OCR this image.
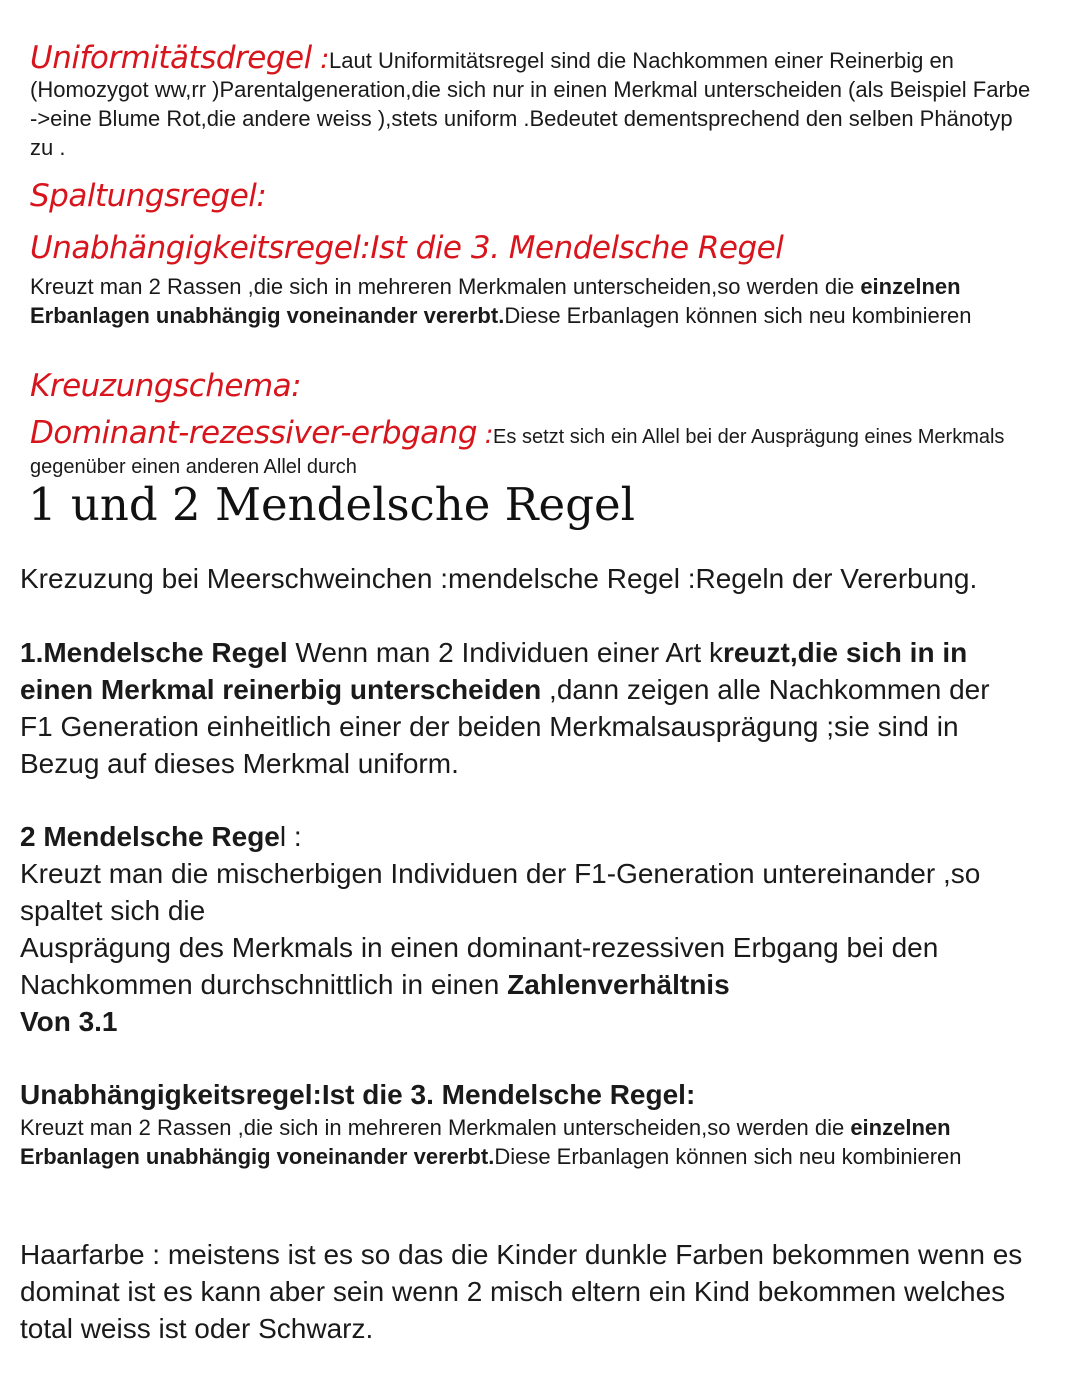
Uniformitätsdregel :Laut Uniformitätsregel sind die Nachkommen einer Reinerbig en (Homozygot ww,rr )Parentalgeneration,die sich nur in einen Merkmal unterscheiden (als Beispiel Farbe ->eine Blume Rot,die andere weiss ),stets uniform .Bedeutet dementsprechend den selben Phänotyp zu .
Spaltungsregel:
Unabhängigkeitsregel:Ist die 3. Mendelsche Regel
Kreuzt man 2 Rassen ,die sich in mehreren Merkmalen unterscheiden,so werden die einzelnen Erbanlagen unabhängig voneinander vererbt.Diese Erbanlagen können sich neu kombinieren
Kreuzungschema:
Dominant-rezessiver-erbgang :Es setzt sich ein Allel bei der Ausprägung eines Merkmals gegenüber einen anderen Allel durch
1 und 2 Mendelsche Regel
Krezuzung bei Meerschweinchen :mendelsche Regel :Regeln der Vererbung.
1.Mendelsche Regel Wenn man 2 Individuen einer Art kreuzt,die sich in in einen Merkmal reinerbig unterscheiden ,dann zeigen alle Nachkommen der F1 Generation einheitlich einer der beiden Merkmalsausprägung ;sie sind in Bezug auf dieses Merkmal uniform.
2 Mendelsche Regel :
Kreuzt man die mischerbigen Individuen der F1-Generation untereinander ,so spaltet sich die
Ausprägung des Merkmals in einen dominant-rezessiven Erbgang bei den Nachkommen durchschnittlich in einen Zahlenverhältnis
Von 3.1
Unabhängigkeitsregel:Ist die 3. Mendelsche Regel:
Kreuzt man 2 Rassen ,die sich in mehreren Merkmalen unterscheiden,so werden die einzelnen Erbanlagen unabhängig voneinander vererbt.Diese Erbanlagen können sich neu kombinieren
Haarfarbe : meistens ist es so das die Kinder dunkle Farben bekommen wenn es dominat ist es kann aber sein wenn 2 misch eltern ein Kind bekommen welches total weiss ist oder Schwarz.
